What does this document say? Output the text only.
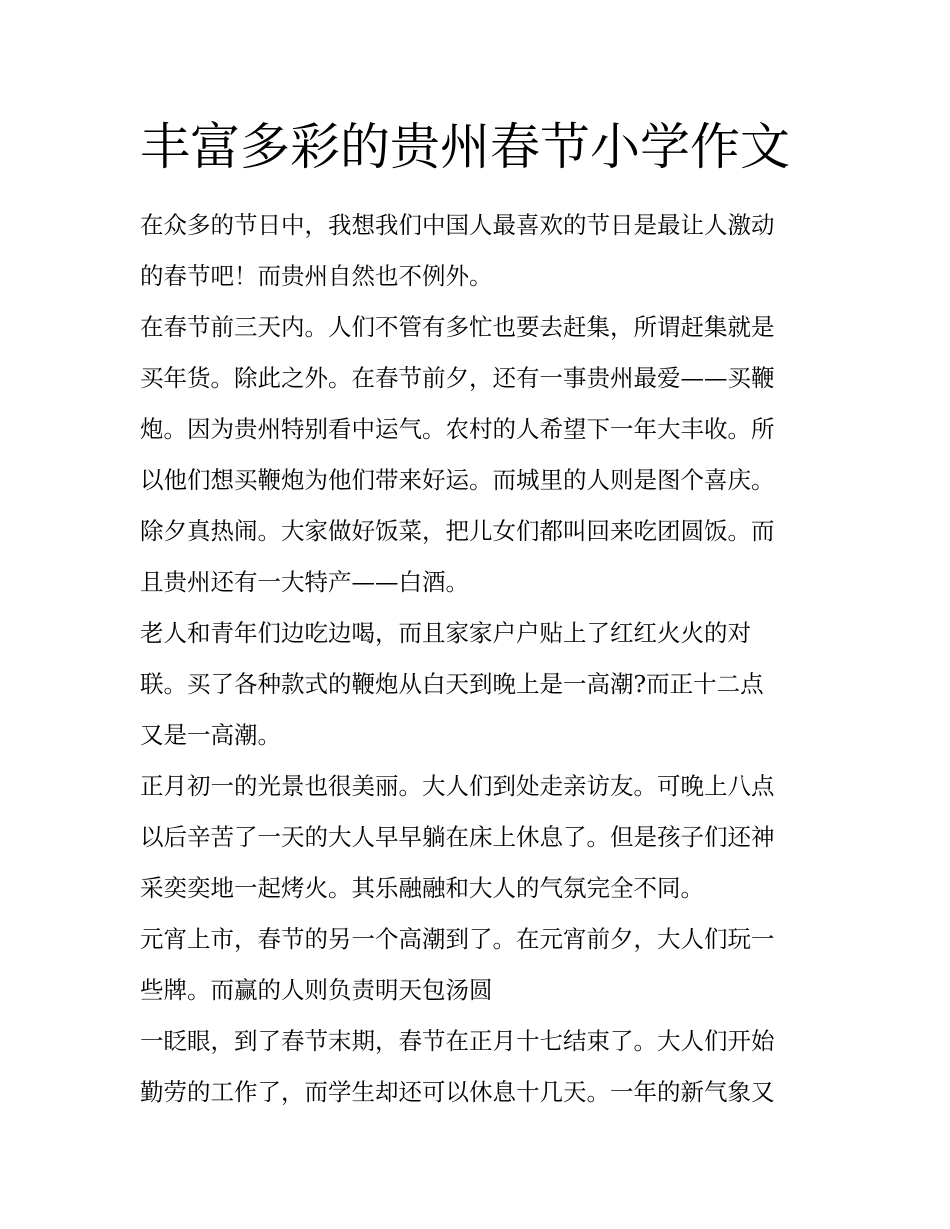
丰富多彩的贵州春节小学作文
在众多的节日中，我想我们中国人最喜欢的节日是最让人激动
的春节吧！而贵州自然也不例外。
在春节前三天内。人们不管有多忙也要去赶集，所谓赶集就是
买年货。除此之外。在春节前夕，还有一事贵州最爱——买鞭
炮。因为贵州特别看中运气。农村的人希望下一年大丰收。所
以他们想买鞭炮为他们带来好运。而城里的人则是图个喜庆。
除夕真热闹。大家做好饭菜，把儿女们都叫回来吃团圆饭。而
且贵州还有一大特产——白酒。
老人和青年们边吃边喝，而且家家户户贴上了红红火火的对
联。买了各种款式的鞭炮从白天到晚上是一高潮?而正十二点
又是一高潮。
正月初一的光景也很美丽。大人们到处走亲访友。可晚上八点
以后辛苦了一天的大人早早躺在床上休息了。但是孩子们还神
采奕奕地一起烤火。其乐融融和大人的气氛完全不同。
元宵上市，春节的另一个高潮到了。在元宵前夕，大人们玩一
些牌。而赢的人则负责明天包汤圆
一眨眼，到了春节末期，春节在正月十七结束了。大人们开始
勤劳的工作了，而学生却还可以休息十几天。一年的新气象又
